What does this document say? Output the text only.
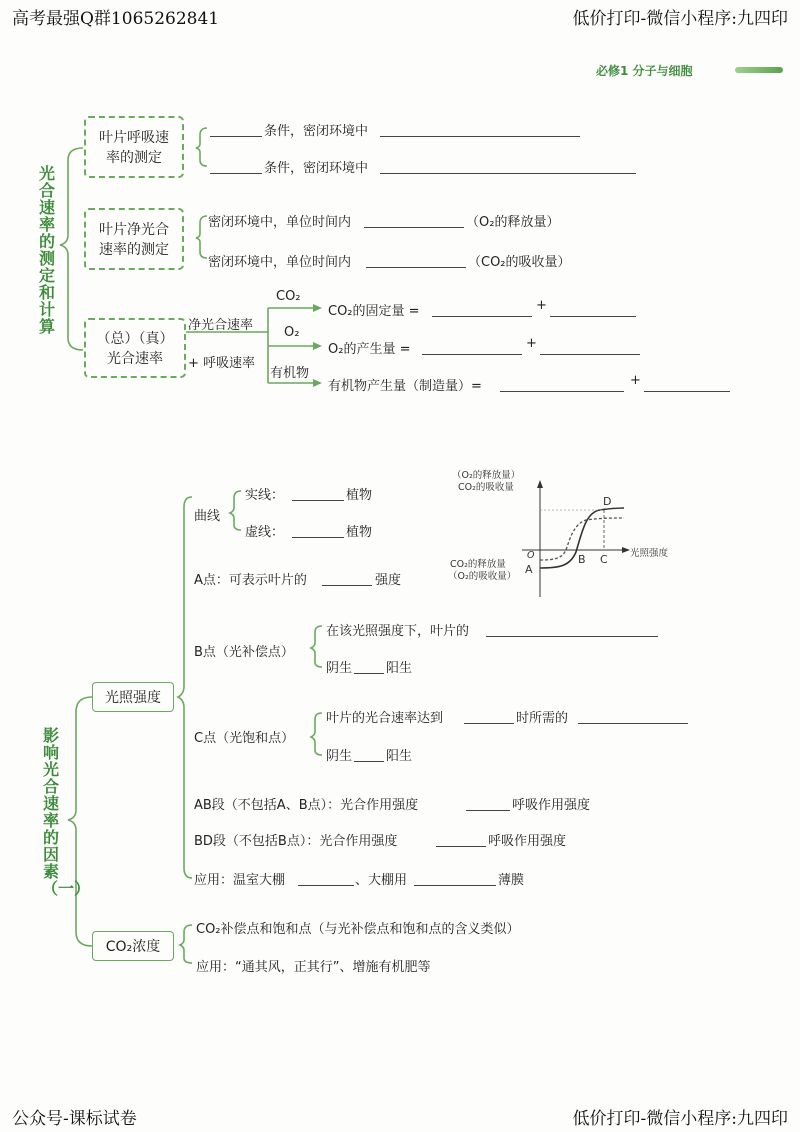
高考最强Q群1065262841	低价打印-微信小程序:九四印
公众号-课标试卷	低价打印-微信小程序:九四印
必修1 分子与细胞
光合速率的测定和计算
叶片呼吸速
率的测定
条件，密闭环境中
条件，密闭环境中
叶片净光合
速率的测定
密闭环境中，单位时间内	（O₂的释放量）
密闭环境中，单位时间内	（CO₂的吸收量）
（总）（真）
光合速率
净光合速率
+ 呼吸速率
CO₂
O₂
有机物
CO₂的固定量 =	+
O₂的产生量 =	+
有机物产生量（制造量）=	+
影响光合速率的因素（一）
光照强度
曲线
实线：	植物
虚线：	植物
A点：可表示叶片的	强度
B点（光补偿点）
在该光照强度下，叶片的
阴生	阳生
C点（光饱和点）
叶片的光合速率达到	时所需的
阴生	阳生
AB段（不包括A、B点）：光合作用强度	呼吸作用强度
BD段（不包括B点）：光合作用强度	呼吸作用强度
应用：温室大棚	、大棚用	薄膜
CO₂浓度
CO₂补偿点和饱和点（与光补偿点和饱和点的含义类似）
应用：“通其风，正其行”、增施有机肥等
（O₂的释放量）
CO₂的吸收量
CO₂的释放量
（O₂的吸收量）
光照强度
O
A
B C
D
